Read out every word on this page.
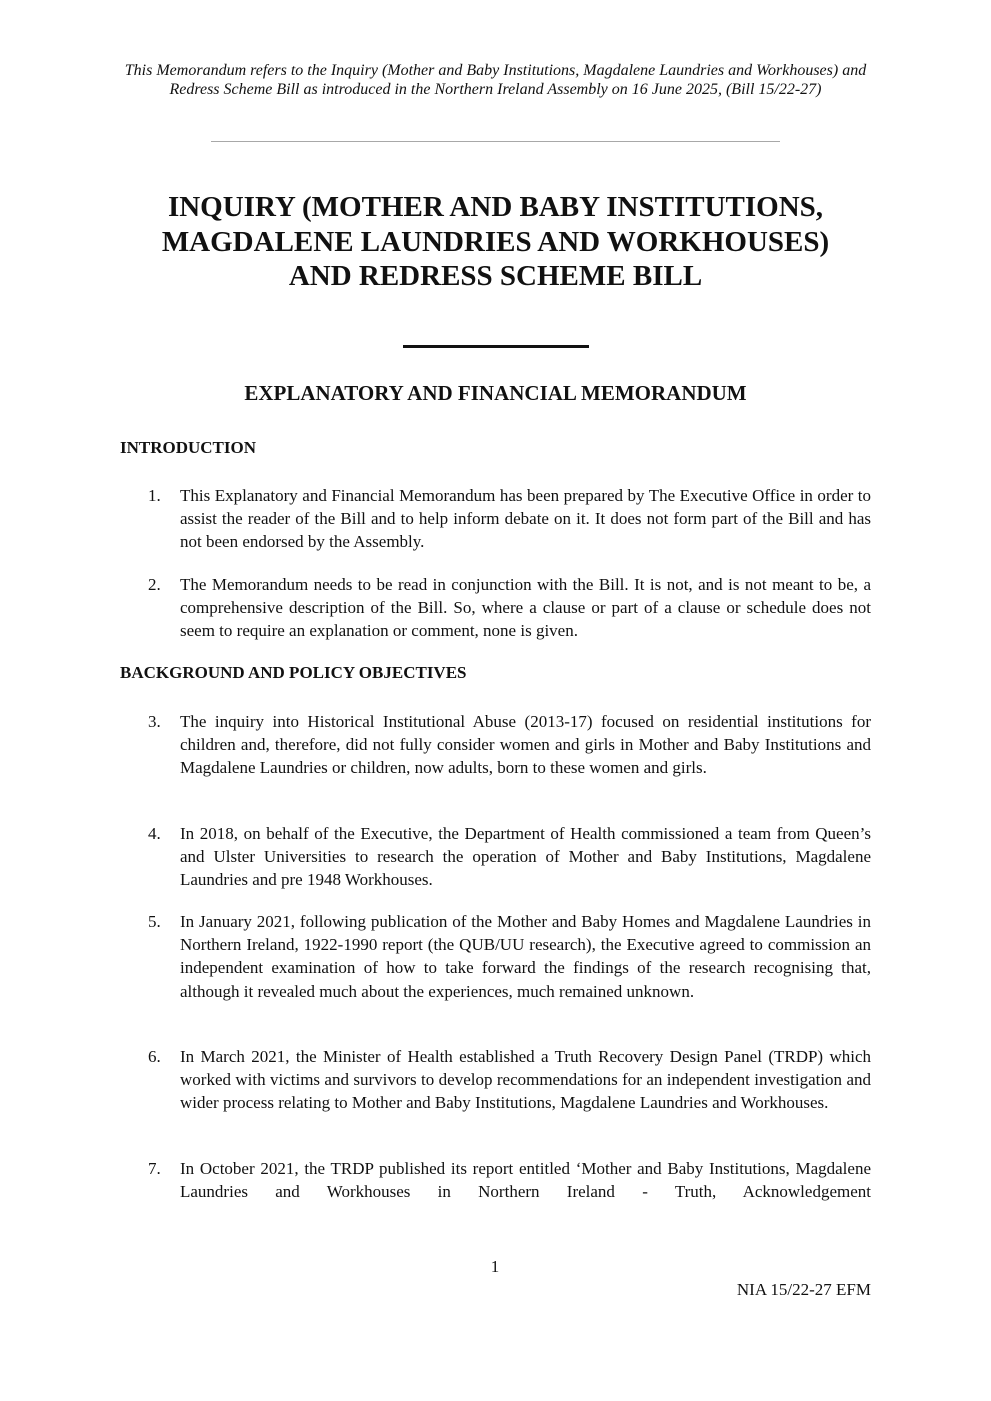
This Memorandum refers to the Inquiry (Mother and Baby Institutions, Magdalene Laundries and Workhouses) and Redress Scheme Bill as introduced in the Northern Ireland Assembly on 16 June 2025, (Bill 15/22-27)
INQUIRY (MOTHER AND BABY INSTITUTIONS,
MAGDALENE LAUNDRIES AND WORKHOUSES)
AND REDRESS SCHEME BILL
EXPLANATORY AND FINANCIAL MEMORANDUM
INTRODUCTION
1. This Explanatory and Financial Memorandum has been prepared by The Executive Office in order to assist the reader of the Bill and to help inform debate on it. It does not form part of the Bill and has not been endorsed by the Assembly.
2. The Memorandum needs to be read in conjunction with the Bill. It is not, and is not meant to be, a comprehensive description of the Bill. So, where a clause or part of a clause or schedule does not seem to require an explanation or comment, none is given.
BACKGROUND AND POLICY OBJECTIVES
3. The inquiry into Historical Institutional Abuse (2013-17) focused on residential institutions for children and, therefore, did not fully consider women and girls in Mother and Baby Institutions and Magdalene Laundries or children, now adults, born to these women and girls.
4. In 2018, on behalf of the Executive, the Department of Health commissioned a team from Queen’s and Ulster Universities to research the operation of Mother and Baby Institutions, Magdalene Laundries and pre 1948 Workhouses.
5. In January 2021, following publication of the Mother and Baby Homes and Magdalene Laundries in Northern Ireland, 1922-1990 report (the QUB/UU research), the Executive agreed to commission an independent examination of how to take forward the findings of the research recognising that, although it revealed much about the experiences, much remained unknown.
6. In March 2021, the Minister of Health established a Truth Recovery Design Panel (TRDP) which worked with victims and survivors to develop recommendations for an independent investigation and wider process relating to Mother and Baby Institutions, Magdalene Laundries and Workhouses.
7. In October 2021, the TRDP published its report entitled ‘Mother and Baby Institutions, Magdalene Laundries and Workhouses in Northern Ireland - Truth, Acknowledgement
1
NIA 15/22-27 EFM
